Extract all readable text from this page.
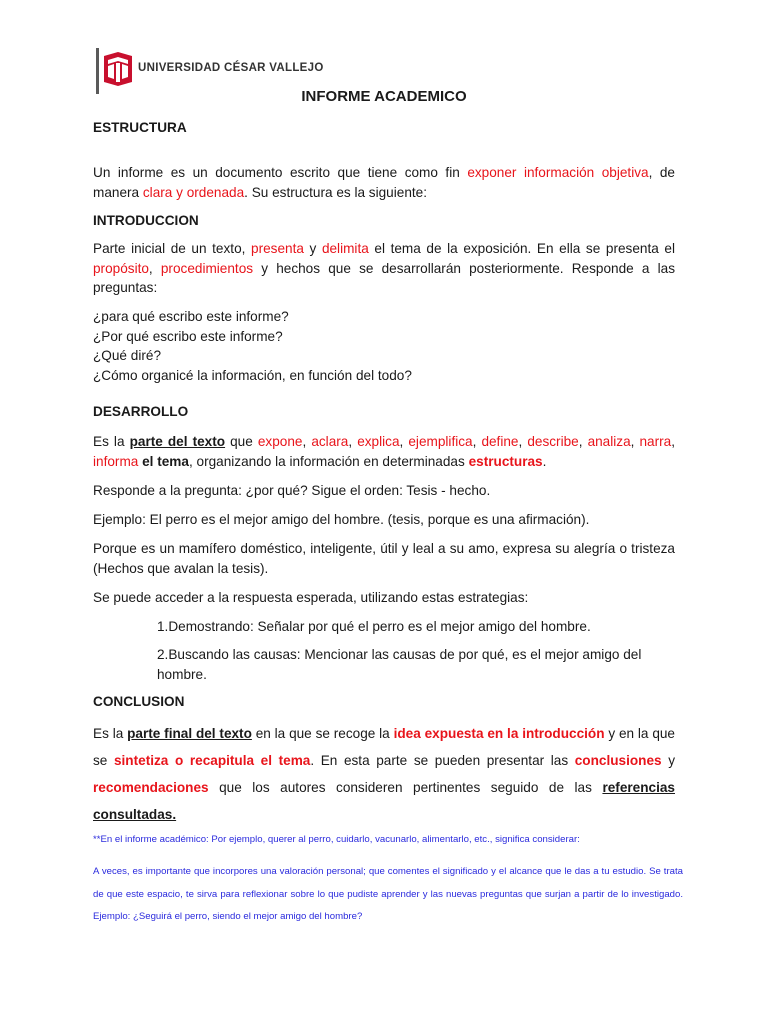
UNIVERSIDAD CÉSAR VALLEJO
INFORME ACADEMICO
ESTRUCTURA
Un informe es un documento escrito que tiene como fin exponer información objetiva, de manera clara y ordenada. Su estructura es la siguiente:
INTRODUCCION
Parte inicial de un texto, presenta y delimita el tema de la exposición. En ella se presenta el propósito, procedimientos y hechos que se desarrollarán posteriormente. Responde a las preguntas:
¿para qué escribo este informe?
¿Por qué escribo este informe?
¿Qué diré?
¿Cómo organicé la información, en función del todo?
DESARROLLO
Es la parte del texto que expone, aclara, explica, ejemplifica, define, describe, analiza, narra, informa el tema, organizando la información en determinadas estructuras.
Responde a la pregunta: ¿por qué? Sigue el orden: Tesis - hecho.
Ejemplo: El perro es el mejor amigo del hombre. (tesis, porque es una afirmación).
Porque es un mamífero doméstico, inteligente, útil y leal a su amo, expresa su alegría o tristeza (Hechos que avalan la tesis).
Se puede acceder a la respuesta esperada, utilizando estas estrategias:
1.Demostrando: Señalar por qué el perro es el mejor amigo del hombre.
2.Buscando las causas: Mencionar las causas de por qué, es el mejor amigo del hombre.
CONCLUSION
Es la parte final del texto en la que se recoge la idea expuesta en la introducción y en la que se sintetiza o recapitula el tema. En esta parte se pueden presentar las conclusiones y recomendaciones que los autores consideren pertinentes seguido de las referencias consultadas.
**En el informe académico: Por ejemplo, querer al perro, cuidarlo, vacunarlo, alimentarlo, etc., significa considerar:
A veces, es importante que incorpores una valoración personal; que comentes el significado y el alcance que le das a tu estudio. Se trata de que este espacio, te sirva para reflexionar sobre lo que pudiste aprender y las nuevas preguntas que surjan a partir de lo investigado. Ejemplo: ¿Seguirá el perro, siendo el mejor amigo del hombre?
